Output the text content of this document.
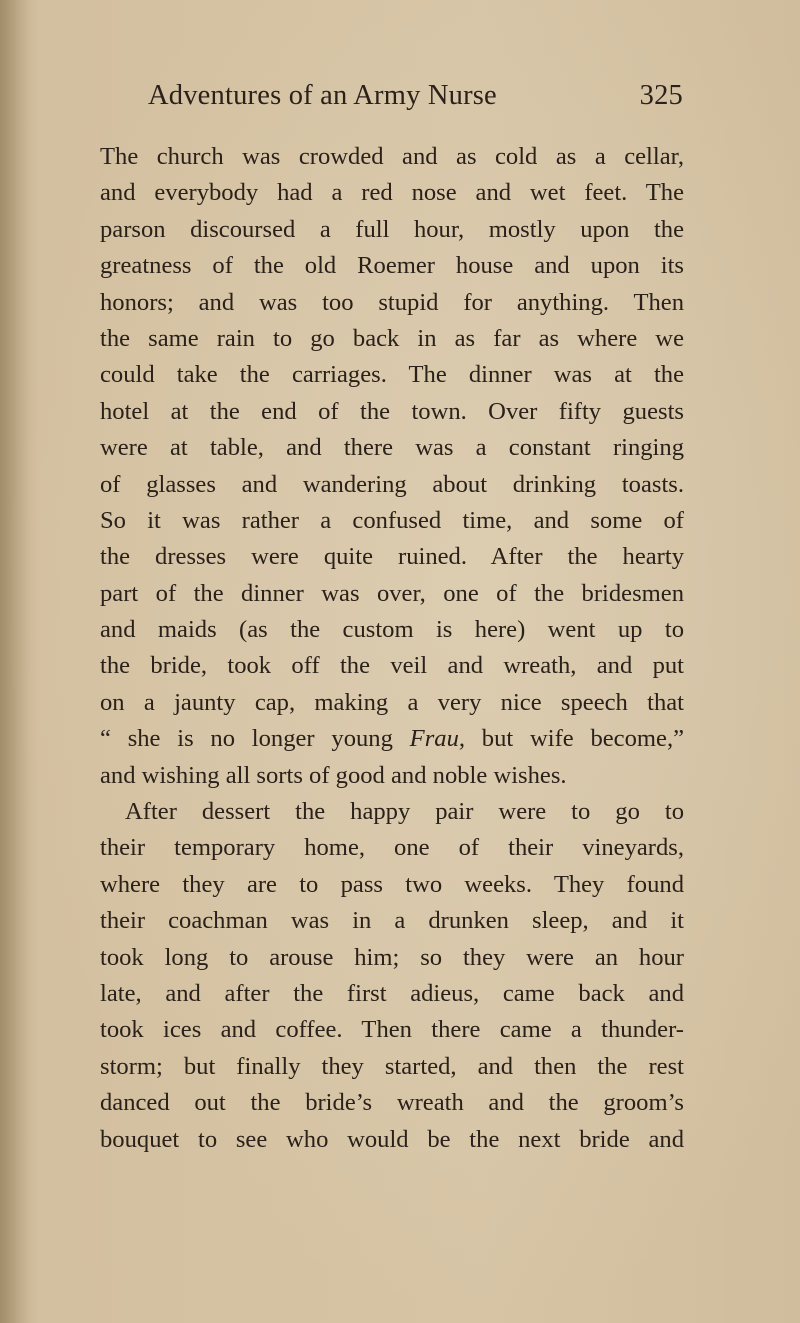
Adventures of an Army Nurse	325
The church was crowded and as cold as a cellar,
and everybody had a red nose and wet feet. The
parson discoursed a full hour, mostly upon the
greatness of the old Roemer house and upon its
honors; and was too stupid for anything. Then
the same rain to go back in as far as where we
could take the carriages. The dinner was at the
hotel at the end of the town. Over fifty guests
were at table, and there was a constant ringing
of glasses and wandering about drinking toasts.
So it was rather a confused time, and some of
the dresses were quite ruined. After the hearty
part of the dinner was over, one of the bridesmen
and maids (as the custom is here) went up to
the bride, took off the veil and wreath, and put
on a jaunty cap, making a very nice speech that
“ she is no longer young Frau, but wife become,”
and wishing all sorts of good and noble wishes.
After dessert the happy pair were to go to
their temporary home, one of their vineyards,
where they are to pass two weeks. They found
their coachman was in a drunken sleep, and it
took long to arouse him; so they were an hour
late, and after the first adieus, came back and
took ices and coffee. Then there came a thunder-
storm; but finally they started, and then the rest
danced out the bride’s wreath and the groom’s
bouquet to see who would be the next bride and
